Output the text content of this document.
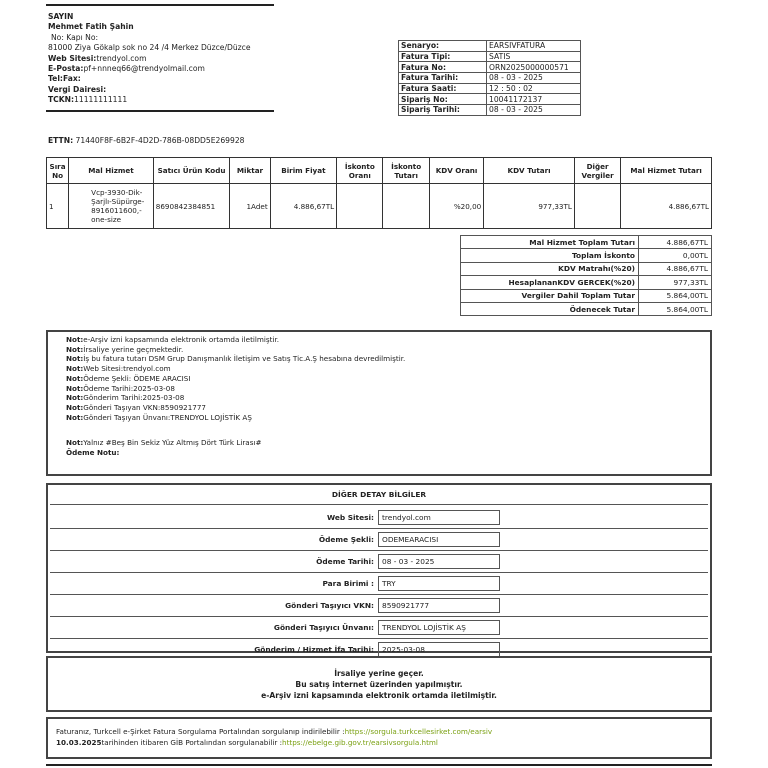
SAYIN
Mehmet Fatih Şahin
No: Kapı No:
81000 Ziya Gökalp sok no 24 /4 Merkez Düzce/Düzce
Web Sitesi:trendyol.com
E-Posta:pf+nnneq66@trendyolmail.com
Tel:Fax:
Vergi Dairesi:
TCKN:11111111111
ETTN: 71440F8F-6B2F-4D2D-786B-08DD5E269928
Senaryo:	EARSIVFATURA
Fatura Tipi:	SATIS
Fatura No:	ORN2025000000571
Fatura Tarihi:	08 - 03 - 2025
Fatura Saati:	12 : 50 : 02
Sipariş No:	10041172137
Sipariş Tarihi:	08 - 03 - 2025
Sıra No	Mal Hizmet	Satıcı Ürün Kodu	Miktar	Birim Fiyat	İskonto Oranı	İskonto Tutarı	KDV Oranı	KDV Tutarı	Diğer Vergiler	Mal Hizmet Tutarı
1	Vcp-3930-Dik-Şarjlı-Süpürge-8916011600,-one-size	8690842384851	1Adet	4.886,67TL			%20,00	977,33TL		4.886,67TL
Mal Hizmet Toplam Tutarı	4.886,67TL
Toplam İskonto	0,00TL
KDV Matrahı(%20)	4.886,67TL
HesaplananKDV GERCEK(%20)	977,33TL
Vergiler Dahil Toplam Tutar	5.864,00TL
Ödenecek Tutar	5.864,00TL
Not:e-Arşiv izni kapsamında elektronik ortamda iletilmiştir.
Not:İrsaliye yerine geçmektedir.
Not:İş bu fatura tutarı DSM Grup Danışmanlık İletişim ve Satış Tic.A.Ş hesabına devredilmiştir.
Not:Web Sitesi:trendyol.com
Not:Ödeme Şekli: ÖDEME ARACISI
Not:Ödeme Tarihi:2025-03-08
Not:Gönderim Tarihi:2025-03-08
Not:Gönderi Taşıyan VKN:8590921777
Not:Gönderi Taşıyan Ünvanı:TRENDYOL LOJİSTİK AŞ
Not:Yalnız #Beş Bin Sekiz Yüz Altmış Dört Türk Lirası#
Ödeme Notu:
DİĞER DETAY BİLGİLER
Web Sitesi:	trendyol.com
Ödeme Şekli:	ODEMEARACISI
Ödeme Tarihi:	08 - 03 - 2025
Para Birimi :	TRY
Gönderi Taşıyıcı VKN:	8590921777
Gönderi Taşıyıcı Ünvanı:	TRENDYOL LOJİSTİK AŞ
Gönderim / Hizmet İfa Tarihi:	2025-03-08
İrsaliye yerine geçer.
Bu satış internet üzerinden yapılmıştır.
e-Arşiv izni kapsamında elektronik ortamda iletilmiştir.
Faturanız, Turkcell e-Şirket Fatura Sorgulama Portalından sorgulanıp indirilebilir :https://sorgula.turkcellesirket.com/earsiv
10.03.2025tarihinden itibaren GİB Portalından sorgulanabilir :https://ebelge.gib.gov.tr/earsivsorgula.html
